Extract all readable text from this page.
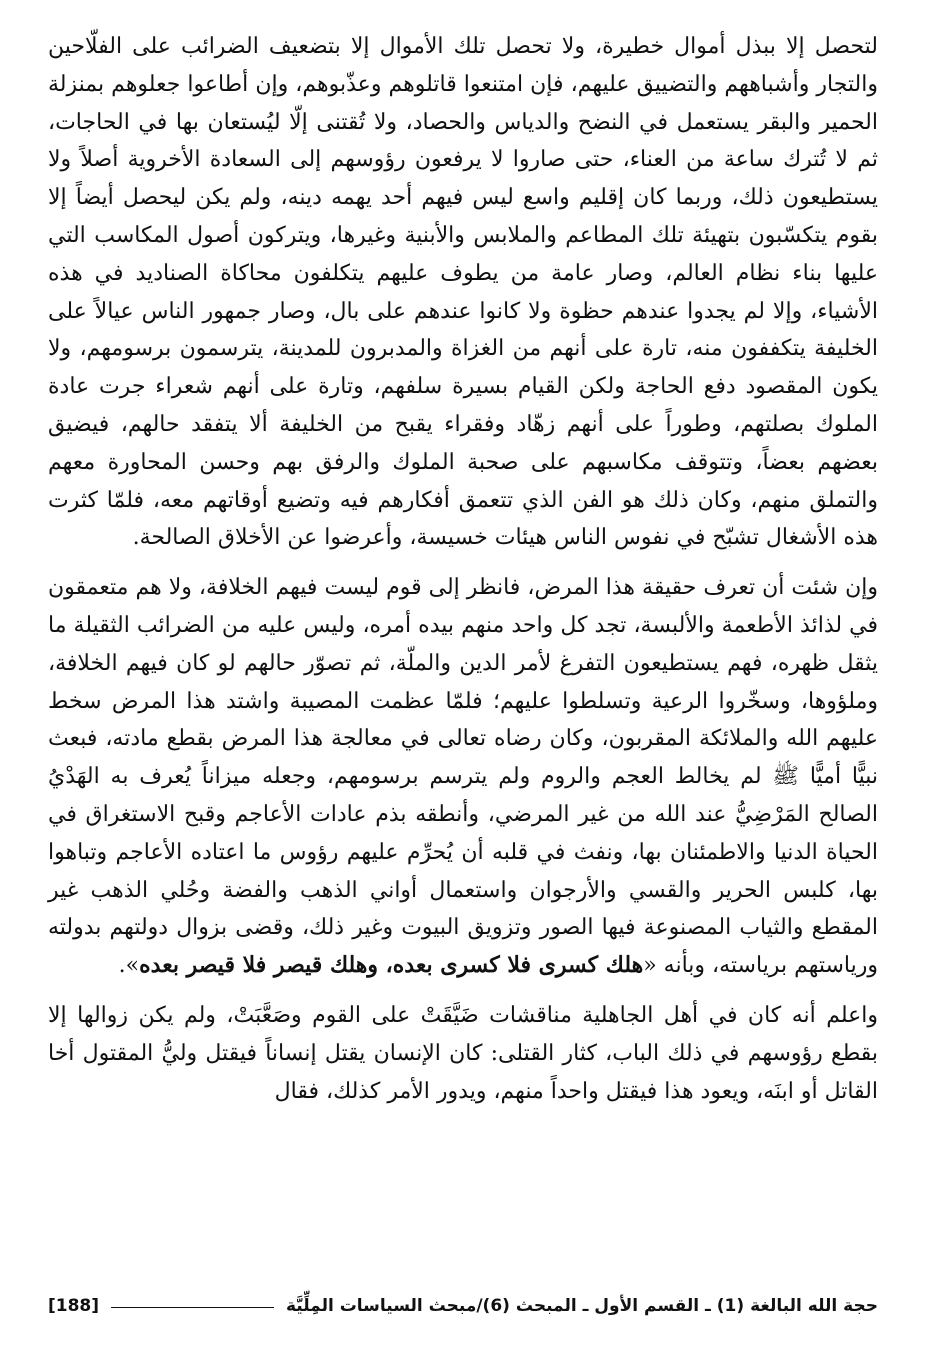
لتحصل إلا ببذل أموال خطيرة، ولا تحصل تلك الأموال إلا بتضعيف الضرائب على الفلّاحين والتجار وأشباههم والتضييق عليهم، فإن امتنعوا قاتلوهم وعذّبوهم، وإن أطاعوا جعلوهم بمنزلة الحمير والبقر يستعمل في النضح والدياس والحصاد، ولا تُقتنى إلّا ليُستعان بها في الحاجات، ثم لا تُترك ساعة من العناء، حتى صاروا لا يرفعون رؤوسهم إلى السعادة الأخروية أصلاً ولا يستطيعون ذلك، وربما كان إقليم واسع ليس فيهم أحد يهمه دينه، ولم يكن ليحصل أيضاً إلا بقوم يتكسّبون بتهيئة تلك المطاعم والملابس والأبنية وغيرها، ويتركون أصول المكاسب التي عليها بناء نظام العالم، وصار عامة من يطوف عليهم يتكلفون محاكاة الصناديد في هذه الأشياء، وإلا لم يجدوا عندهم حظوة ولا كانوا عندهم على بال، وصار جمهور الناس عيالاً على الخليفة يتكففون منه، تارة على أنهم من الغزاة والمدبرون للمدينة، يترسمون برسومهم، ولا يكون المقصود دفع الحاجة ولكن القيام بسيرة سلفهم، وتارة على أنهم شعراء جرت عادة الملوك بصلتهم، وطوراً على أنهم زهّاد وفقراء يقبح من الخليفة ألا يتفقد حالهم، فيضيق بعضهم بعضاً، وتتوقف مكاسبهم على صحبة الملوك والرفق بهم وحسن المحاورة معهم والتملق منهم، وكان ذلك هو الفن الذي تتعمق أفكارهم فيه وتضيع أوقاتهم معه، فلمّا كثرت هذه الأشغال تشبّح في نفوس الناس هيئات خسيسة، وأعرضوا عن الأخلاق الصالحة.

وإن شئت أن تعرف حقيقة هذا المرض، فانظر إلى قوم ليست فيهم الخلافة، ولا هم متعمقون في لذائذ الأطعمة والألبسة، تجد كل واحد منهم بيده أمره، وليس عليه من الضرائب الثقيلة ما يثقل ظهره، فهم يستطيعون التفرغ لأمر الدين والملّة، ثم تصوّر حالهم لو كان فيهم الخلافة، وملؤوها، وسخّروا الرعية وتسلطوا عليهم؛ فلمّا عظمت المصيبة واشتد هذا المرض سخط عليهم الله والملائكة المقربون، وكان رضاه تعالى في معالجة هذا المرض بقطع مادته، فبعث نبيًّا أميًّا ﷺ لم يخالط العجم والروم ولم يترسم برسومهم، وجعله ميزاناً يُعرف به الهَدْيُ الصالح المَرْضِيُّ عند الله من غير المرضي، وأنطقه بذم عادات الأعاجم وقبح الاستغراق في الحياة الدنيا والاطمئنان بها، ونفث في قلبه أن يُحرِّم عليهم رؤوس ما اعتاده الأعاجم وتباهوا بها، كلبس الحرير والقسي والأرجوان واستعمال أواني الذهب والفضة وحُلي الذهب غير المقطع والثياب المصنوعة فيها الصور وتزويق البيوت وغير ذلك، وقضى بزوال دولتهم بدولته ورياستهم برياسته، وبأنه «هلك كسرى فلا كسرى بعده، وهلك قيصر فلا قيصر بعده».

واعلم أنه كان في أهل الجاهلية مناقشات ضَيَّقَتْ على القوم وصَعَّبَتْ، ولم يكن زوالها إلا بقطع رؤوسهم في ذلك الباب، كثار القتلى: كان الإنسان يقتل إنساناً فيقتل وليُّ المقتول أخا القاتل أو ابنَه، ويعود هذا فيقتل واحداً منهم، ويدور الأمر كذلك، فقال

حجة الله البالغة (1) ـ القسم الأول ـ المبحث (6)/مبحث السياسات المِلِّيَّة
[188]
